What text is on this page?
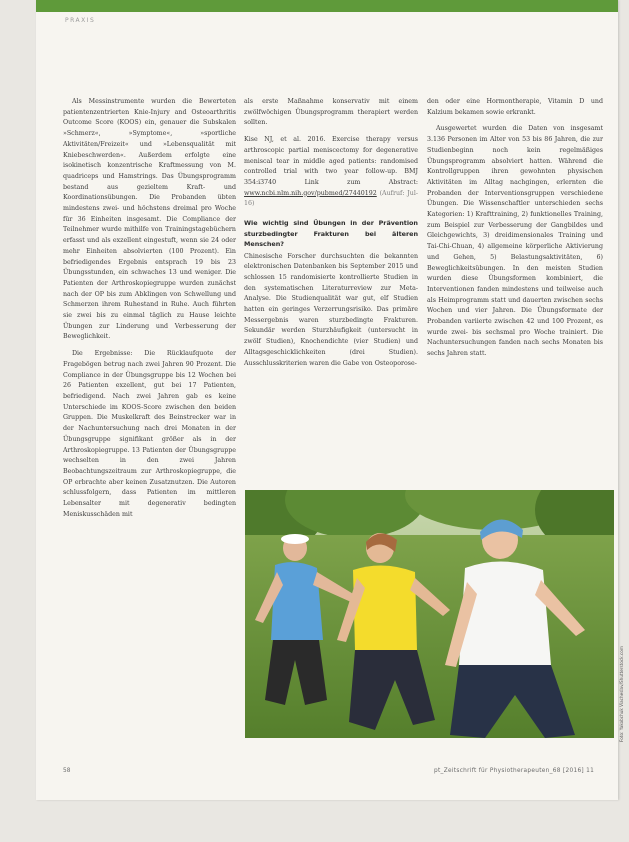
PRAXIS

Als Messinstrumente wurden die Bewerteten patientenzentrierten Knie-Injury and Osteoarthritis Outcome Score (KOOS) ein, genauer die Subskalen »Schmerz«, »Symptome«, »sportliche Aktivitäten/Freizeit« und »Lebensqualität mit Kniebeschwerden«. Außerdem erfolgte eine isokinetisch konzentrische Kraftmessung von M. quadriceps und Hamstrings. Das Übungsprogramm bestand aus gezieltem Kraft- und Koordinationsübungen. Die Probanden übten mindestens zwei- und höchstens dreimal pro Woche für 36 Einheiten insgesamt. Die Compliance der Teilnehmer wurde mithilfe von Trainingstagebüchern erfasst und als exzellent eingestuft, wenn sie 24 oder mehr Einheiten absolvierten (100 Prozent). Ein befriedigendes Ergebnis entsprach 19 bis 23 Übungsstunden, ein schwaches 13 und weniger. Die Patienten der Arthroskopiegruppe wurden zunächst nach der OP bis zum Abklingen von Schwellung und Schmerzen ihrem Ruhestand in Ruhe. Auch führten sie zwei bis zu einmal täglich zu Hause leichte Übungen zur Linderung und Verbesserung der Beweglichkeit.

Die Ergebnisse: Die Rücklaufquote der Fragebögen betrug nach zwei Jahren 90 Prozent. Die Compliance in der Übungsgruppe bis 12 Wochen bei 26 Patienten exzellent, gut bei 17 Patienten, befriedigend. Nach zwei Jahren gab es keine Unterschiede im KOOS-Score zwischen den beiden Gruppen. Die Muskelkraft des Beinstrecker war in der Nachuntersuchung nach drei Monaten in der Übungsgruppe signifikant größer als in der Arthroskopiegruppe. 13 Patienten der Übungsgruppe wechselten in den zwei Jahren Beobachtungszeitraum zur Arthroskopiegruppe, die OP erbrachte aber keinen Zusatznutzen. Die Autoren schlussfolgern, dass Patienten im mittleren Lebensalter mit degenerativ bedingten Meniskusschäden mit

als erste Maßnahme konservativ mit einem zwölfwöchigen Übungsprogramm therapiert werden sollten.

Kise NJ, et al. 2016. Exercise therapy versus arthroscopic partial meniscectomy for degenerative meniscal tear in middle aged patients: randomised controlled trial with two year follow-up. BMJ 354:i3740	Link zum Abstract: www.ncbi.nlm.nih.gov/pubmed/27440192 (Aufruf: Jul-16)

Wie wichtig sind Übungen in der Prävention sturzbedingter Frakturen bei älteren Menschen?

Chinesische Forscher durchsuchten die bekannten elektronischen Datenbanken bis September 2015 und schlossen 15 randomisierte kontrollierte Studien in den systematischen Literaturreview zur Meta-Analyse. Die Studienqualität war gut, elf Studien hatten ein geringes Verzerrungsrisiko. Das primäre Messergebnis waren sturzbedingte Frakturen. Sekundär werden Sturzhäufigkeit (untersucht in zwölf Studien), Knochendichte (vier Studien) und Alltagsgeschicklichkeiten (drei Studien). Ausschlusskriterien waren die Gabe von Osteoporose-

den oder eine Hormontherapie, Vitamin D und Kalzium bekamen sowie erkrankt.

Ausgewertet wurden die Daten von insgesamt 3.136 Personen im Alter von 53 bis 86 Jahren, die zur Studienbeginn noch kein regelmäßiges Übungsprogramm absolviert hatten. Während die Kontrollgruppen ihren gewohnten physischen Aktivitäten im Alltag nachgingen, erlernten die Probanden der Interventionsgruppen verschiedene Übungen. Die Wissenschaftler unterschieden sechs Kategorien: 1) Krafttraining, 2) funktionelles Training, zum Beispiel zur Verbesserung der Gangbildes und Gleichgewichts, 3) dreidimensionales Training und Tai-Chi-Chuan, 4) allgemeine körperliche Aktivierung und Gehen, 5) Belastungsaktivitäten, 6) Beweglichkeitsübungen. In den meisten Studien wurden diese Übungsformen kombiniert, die Interventionen fanden mindestens und teilweise auch als Heimprogramm statt und dauerten zwischen sechs Wochen und vier Jahren. Die Übungsformate der Probanden variierte zwischen 42 und 100 Prozent, es wurde zwei- bis sechsmal pro Woche trainiert. Die Nachuntersuchungen fanden nach sechs Monaten bis sechs Jahren statt.

Foto: Yakobchuk Viacheslav/Shutterstock.com
58	pt_Zeitschrift für Physiotherapeuten_68 [2016] 11
